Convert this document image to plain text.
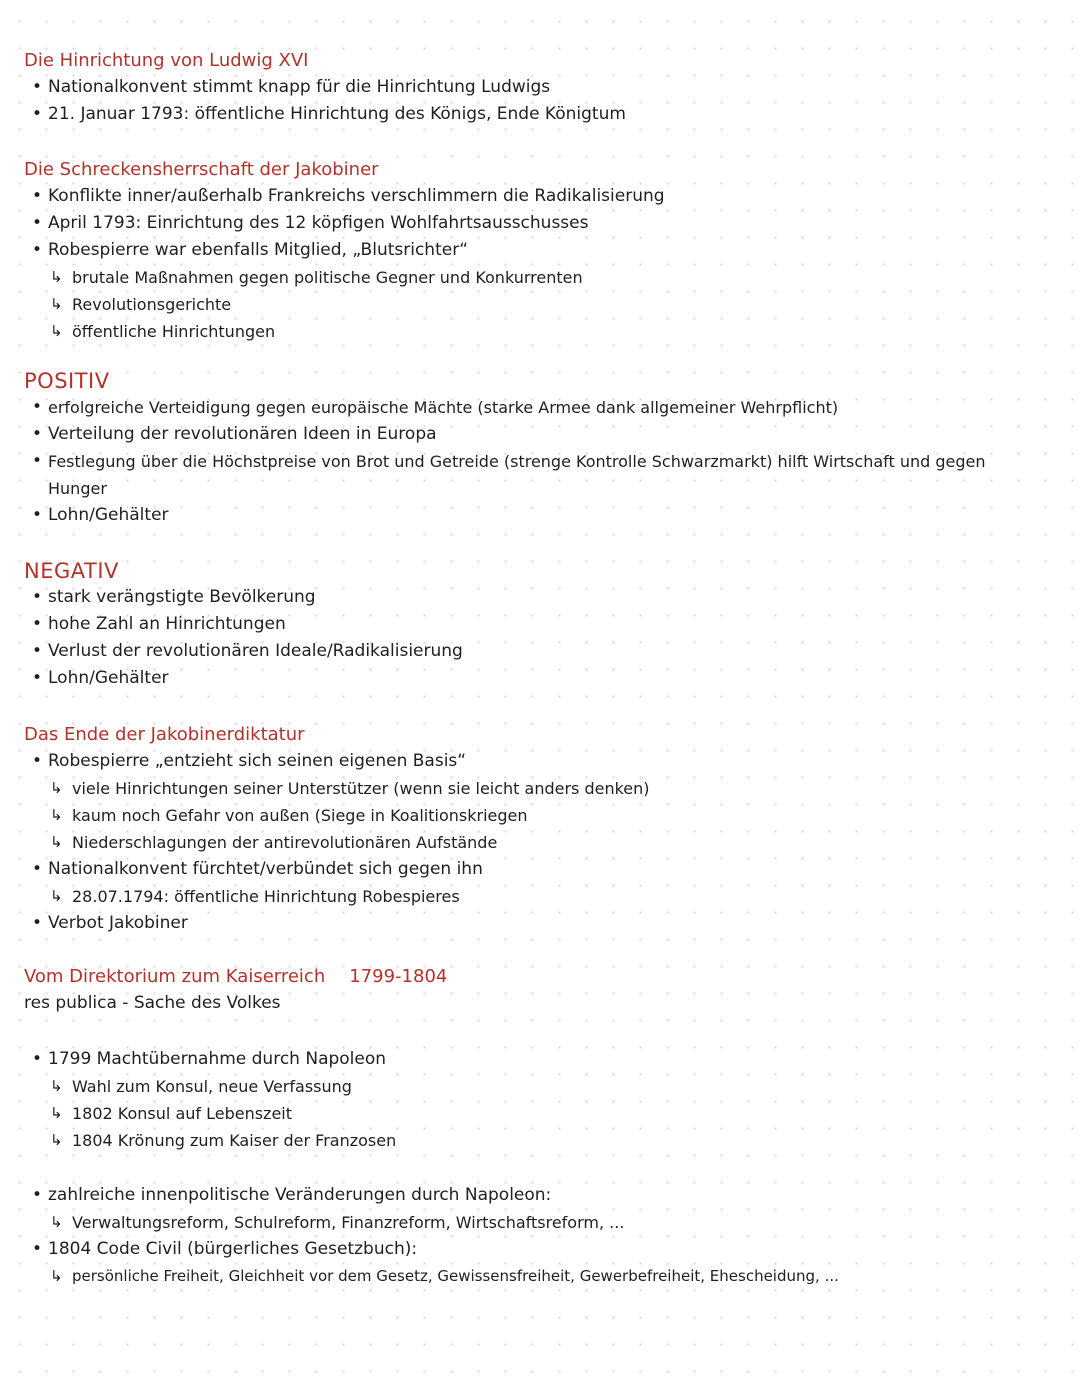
Die Hinrichtung von Ludwig XVI
• Nationalkonvent stimmt knapp für die Hinrichtung Ludwigs
• 21. Januar 1793: öffentliche Hinrichtung des Königs, Ende Königtum
Die Schreckensherrschaft der Jakobiner
• Konflikte inner/außerhalb Frankreichs verschlimmern die Radikalisierung
• April 1793: Einrichtung des 12 köpfigen Wohlfahrtsausschusses
• Robespierre war ebenfalls Mitglied, „Blutsrichter“
↳ brutale Maßnahmen gegen politische Gegner und Konkurrenten
↳ Revolutionsgerichte
↳ öffentliche Hinrichtungen
POSITIV
• erfolgreiche Verteidigung gegen europäische Mächte (starke Armee dank allgemeiner Wehrpflicht)
• Verteilung der revolutionären Ideen in Europa
• Festlegung über die Höchstpreise von Brot und Getreide (strenge Kontrolle Schwarzmarkt) hilft Wirtschaft und gegen Hunger
• Lohn/Gehälter
NEGATIV
• stark verängstigte Bevölkerung
• hohe Zahl an Hinrichtungen
• Verlust der revolutionären Ideale/Radikalisierung
• Lohn/Gehälter
Das Ende der Jakobinerdiktatur
• Robespierre „entzieht sich seinen eigenen Basis“
↳ viele Hinrichtungen seiner Unterstützer (wenn sie leicht anders denken)
↳ kaum noch Gefahr von außen (Siege in Koalitionskriegen
↳ Niederschlagungen der antirevolutionären Aufstände
• Nationalkonvent fürchtet/verbündet sich gegen ihn
↳ 28.07.1794: öffentliche Hinrichtung Robespieres
• Verbot Jakobiner
Vom Direktorium zum Kaiserreich 1799-1804
res publica - Sache des Volkes
• 1799 Machtübernahme durch Napoleon
↳ Wahl zum Konsul, neue Verfassung
↳ 1802 Konsul auf Lebenszeit
↳ 1804 Krönung zum Kaiser der Franzosen
• zahlreiche innenpolitische Veränderungen durch Napoleon:
↳ Verwaltungsreform, Schulreform, Finanzreform, Wirtschaftsreform, ...
• 1804 Code Civil (bürgerliches Gesetzbuch):
↳ persönliche Freiheit, Gleichheit vor dem Gesetz, Gewissensfreiheit, Gewerbefreiheit, Ehescheidung, ...
